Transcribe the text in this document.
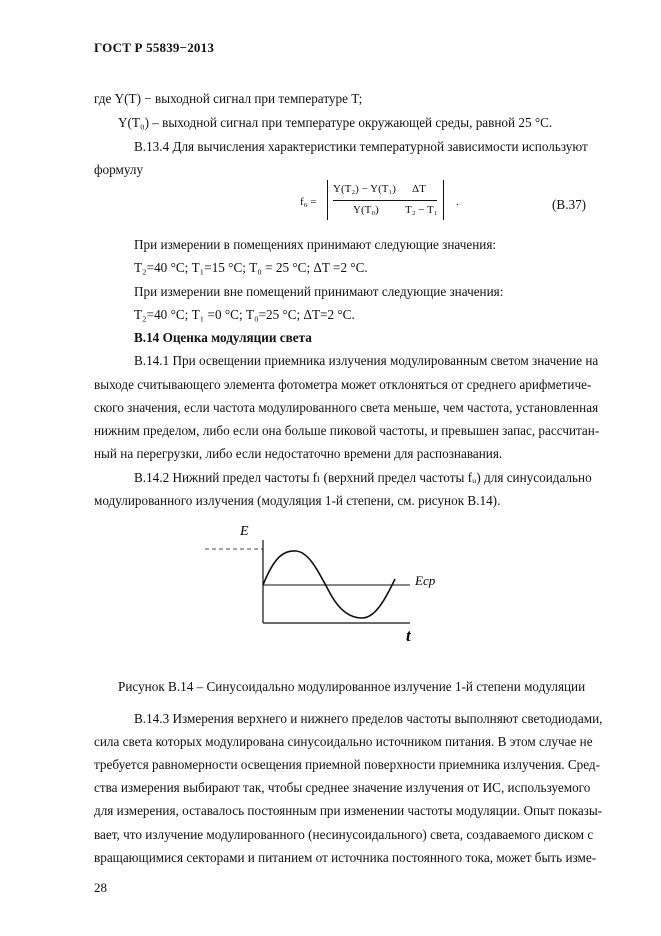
ГОСТ Р 55839−2013
где Y(T) − выходной сигнал при температуре T;
Y(T₀) – выходной сигнал при температуре окружающей среды, равной 25 °С.
В.13.4 Для вычисления характеристики температурной зависимости используют
формулу
f₆ =
Y(T₂) − Y(T₁) ΔT
Y(T₀) T₂ − T₁
.	(В.37)
При измерении в помещениях принимают следующие значения:
T₂=40 °С; T₁=15 °С; T₀ = 25 °С; ΔT =2 °С.
При измерении вне помещений принимают следующие значения:
T₂=40 °С; T₁ =0 °С; T₀=25 °С; ΔT=2 °С.
В.14 Оценка модуляции света
В.14.1 При освещении приемника излучения модулированным светом значение на
выходе считывающего элемента фотометра может отклоняться от среднего арифметиче-
ского значения, если частота модулированного света меньше, чем частота, установленная
нижним пределом, либо если она больше пиковой частоты, и превышен запас, рассчитан-
ный на перегрузки, либо если недостаточно времени для распознавания.
В.14.2 Нижний предел частоты fₗ (верхний предел частоты fᵤ) для синусоидально
модулированного излучения (модуляция 1-й степени, см. рисунок В.14).
E
Eср
t
Рисунок В.14 – Синусоидально модулированное излучение 1-й степени модуляции
В.14.3 Измерения верхнего и нижнего пределов частоты выполняют светодиодами,
сила света которых модулирована синусоидально источником питания. В этом случае не
требуется равномерности освещения приемной поверхности приемника излучения. Сред-
ства измерения выбирают так, чтобы среднее значение излучения от ИС, используемого
для измерения, оставалось постоянным при изменении частоты модуляции. Опыт показы-
вает, что излучение модулированного (несинусоидального) света, создаваемого диском с
вращающимися секторами и питанием от источника постоянного тока, может быть изме-
28
